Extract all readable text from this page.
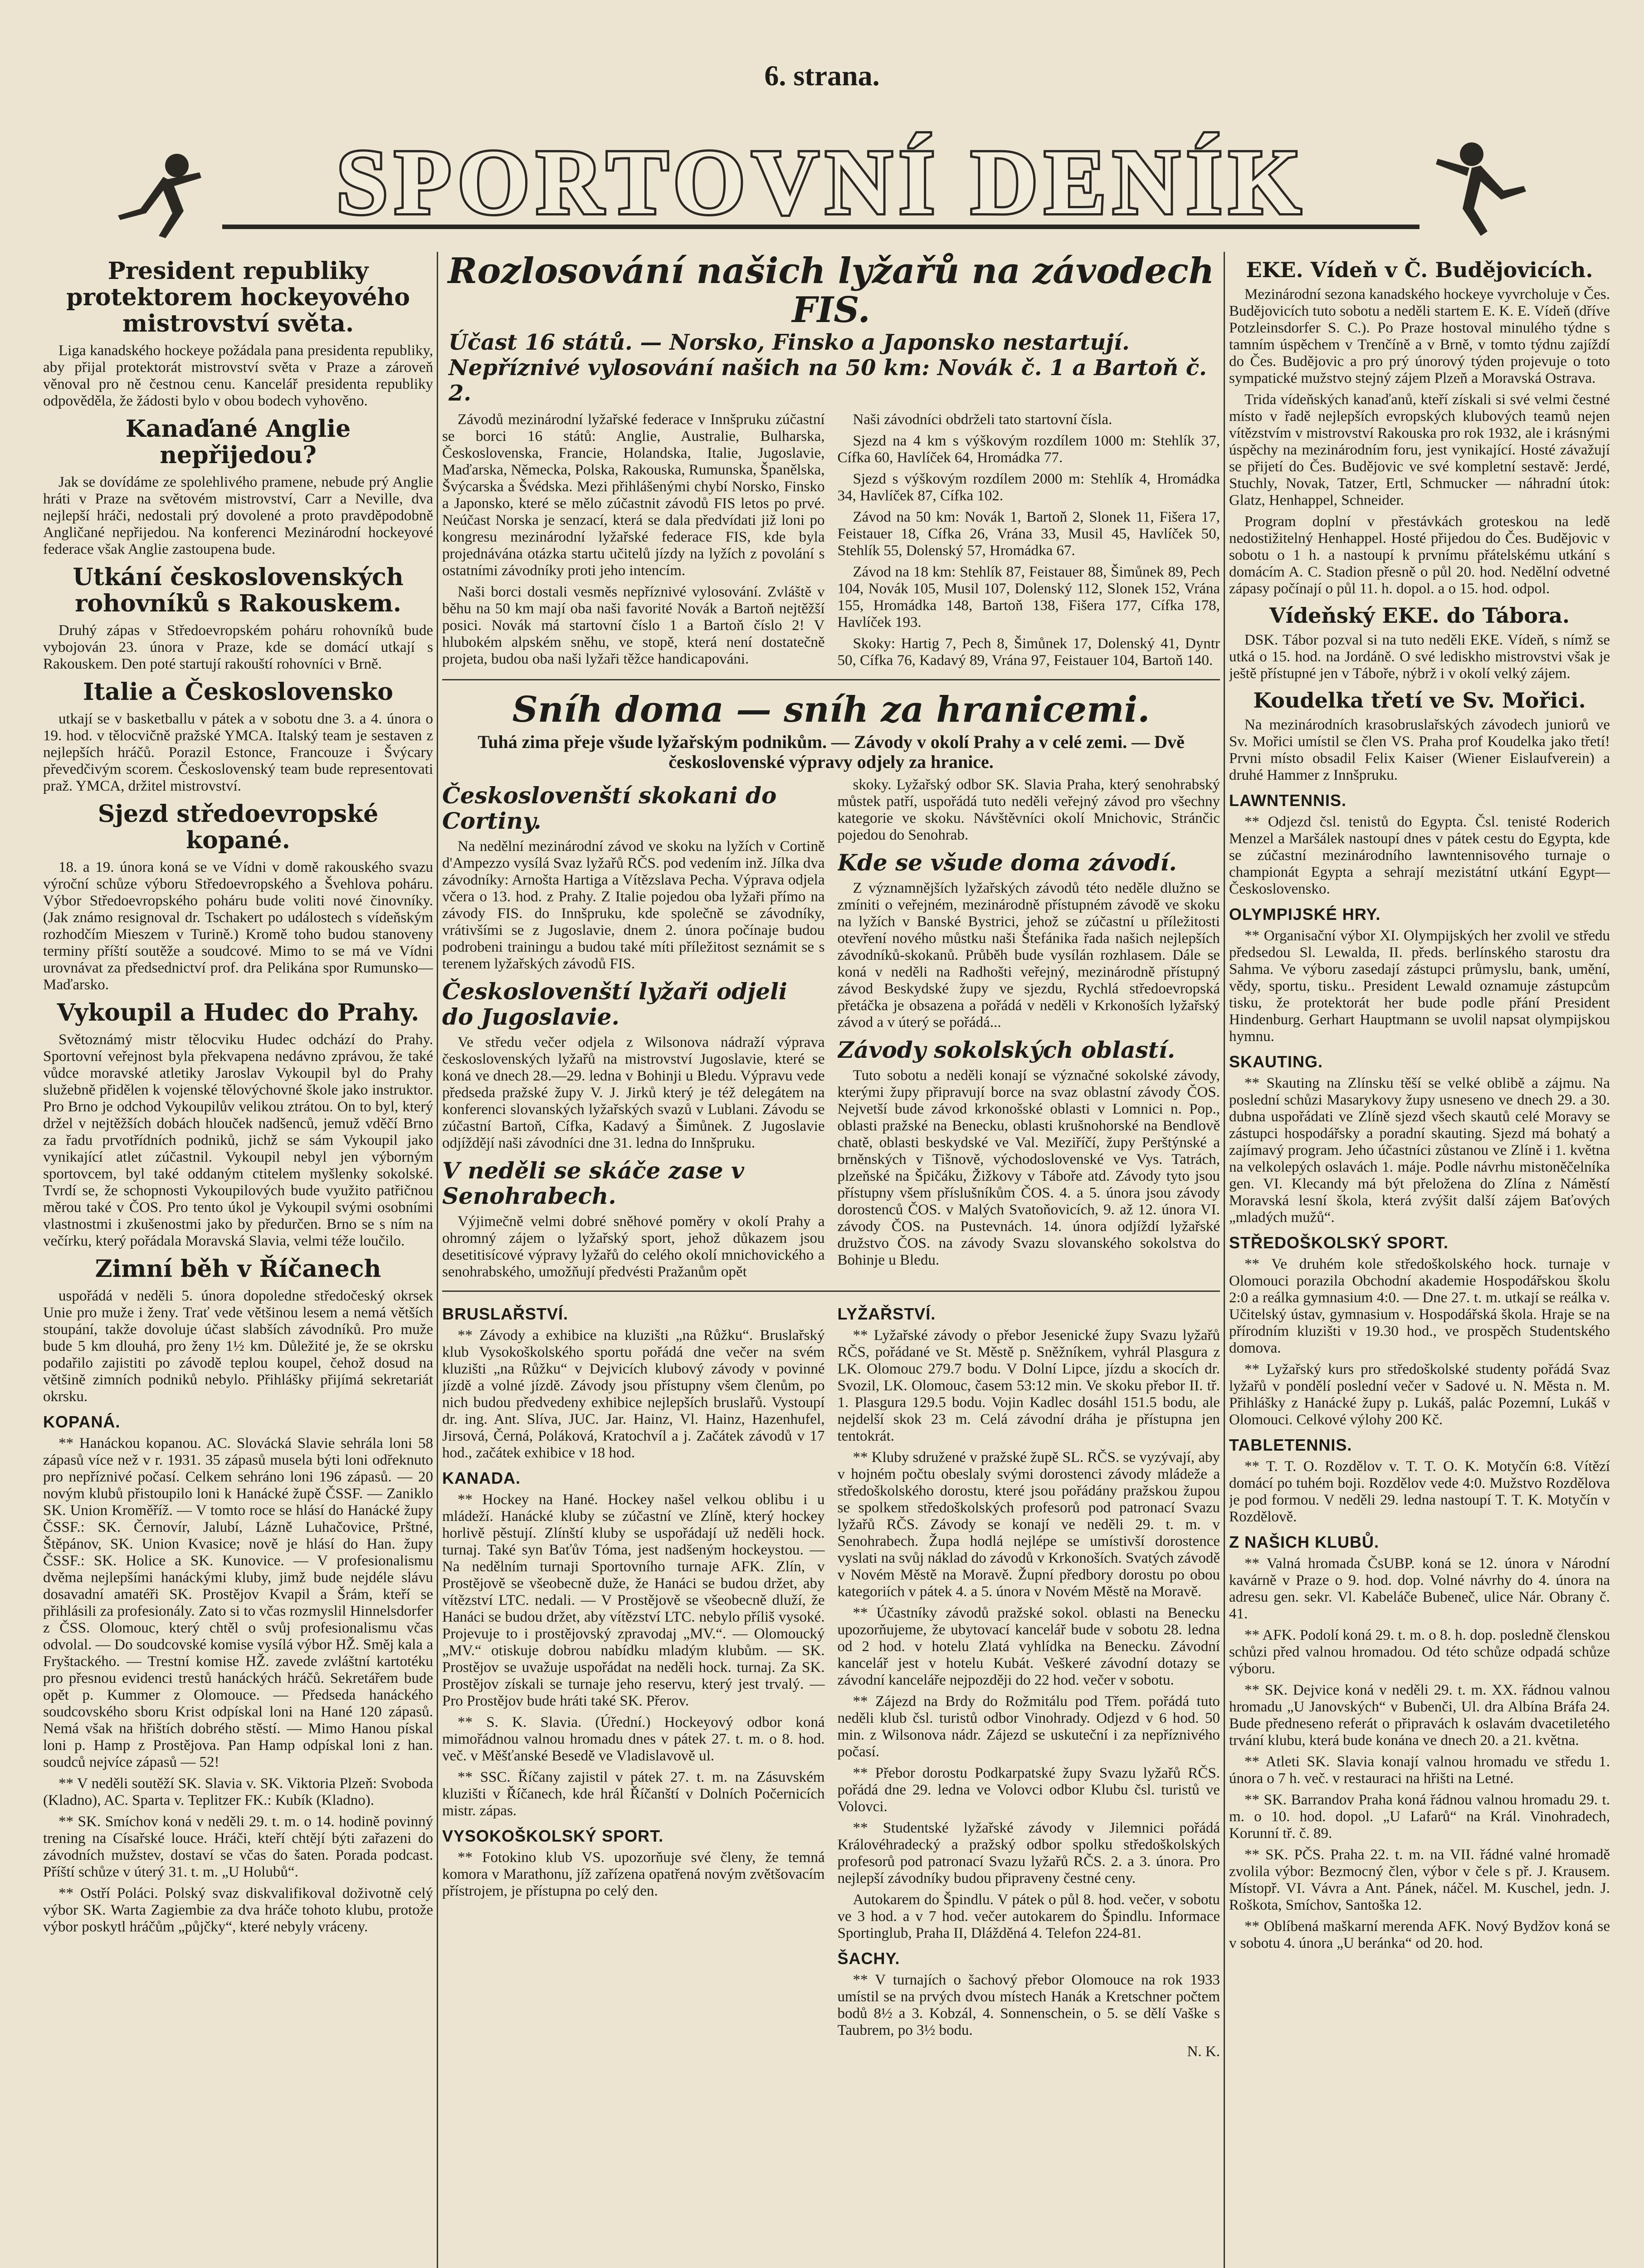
6. strana.
SPORTOVNÍ DENÍK
President republiky protektorem hockeyového mistrovství světa.

Liga kanadského hockeye požádala pana presidenta republiky, aby přijal protektorát mistrovství světa v Praze a zároveň věnoval pro ně čestnou cenu. Kancelář presidenta republiky odpověděla, že žádosti bylo v obou bodech vyhověno.

Kanaďané Anglie nepřijedou?

Jak se dovídáme ze spolehlivého pramene, nebude prý Anglie hráti v Praze na světovém mistrovství, Carr a Neville, dva nejlepší hráči, nedostali prý dovolené a proto pravděpodobně Angličané nepřijedou. Na konferenci Mezinárodní hockeyové federace však Anglie zastoupena bude.

Utkání československých rohovníků s Rakouskem.

Druhý zápas v Středoevropském poháru rohovníků bude vybojován 23. února v Praze, kde se domácí utkají s Rakouskem. Den poté startují rakouští rohovníci v Brně.

Italie a Československo

utkají se v basketballu v pátek a v sobotu dne 3. a 4. února o 19. hod. v tělocvičně pražské YMCA. Italský team je sestaven z nejlepších hráčů. Porazil Estonce, Francouze i Švýcary převedčivým scorem. Československý team bude representovati praž. YMCA, držitel mistrovství.

Sjezd středoevropské kopané.

18. a 19. února koná se ve Vídni v domě rakouského svazu výroční schůze výboru Středoevropského a Švehlova poháru. Výbor Středoevropského poháru bude voliti nové činovníky. (Jak známo resignoval dr. Tschakert po událostech s vídeňským rozhodčím Mieszem v Turině.) Kromě toho budou stanoveny terminy příští soutěže a soudcové. Mimo to se má ve Vídni urovnávat za předsednictví prof. dra Pelikána spor Rumunsko—Maďarsko.

Vykoupil a Hudec do Prahy.

Světoznámý mistr tělocviku Hudec odchází do Prahy. Sportovní veřejnost byla překvapena nedávno zprávou, že také vůdce moravské atletiky Jaroslav Vykoupil byl do Prahy služebně přidělen k vojenské tělovýchovné škole jako instruktor. Pro Brno je odchod Vykoupilův velikou ztrátou. On to byl, který držel v nejtěžších dobách hlouček nadšenců, jemuž vděčí Brno za řadu prvotřídních podniků, jichž se sám Vykoupil jako vynikající atlet zúčastnil. Vykoupil nebyl jen výborným sportovcem, byl také oddaným ctitelem myšlenky sokolské. Tvrdí se, že schopnosti Vykoupilových bude využito patřičnou měrou také v ČOS. Pro tento úkol je Vykoupil svými osobními vlastnostmi i zkušenostmi jako by předurčen. Brno se s ním na večírku, který pořádala Moravská Slavia, velmi téže loučilo.

Zimní běh v Říčanech

uspořádá v neděli 5. února dopoledne středočeský okrsek Unie pro muže i ženy. Trať vede většinou lesem a nemá větších stoupání, takže dovoluje účast slabších závodníků. Pro muže bude 5 km dlouhá, pro ženy 1½ km. Důležité je, že se okrsku podařilo zajistiti po závodě teplou koupel, čehož dosud na většině zimních podniků nebylo. Přihlášky přijímá sekretariát okrsku.

KOPANÁ.

** Hanáckou kopanou. AC. Slovácká Slavie sehrála loni 58 zápasů více než v r. 1931. 35 zápasů musela býti loni odřeknuto pro nepříznivé počasí. Celkem sehráno loni 196 zápasů. — 20 novým klubů přistoupilo loni k Hanácké župě ČSSF. — Zaniklo SK. Union Kroměříž. — V tomto roce se hlásí do Hanácké župy ČSSF.: SK. Černovír, Jalubí, Lázně Luhačovice, Prštné, Štěpánov, SK. Union Kvasice; nově je hlásí do Han. župy ČSSF.: SK. Holice a SK. Kunovice. — V profesionalismu dvěma nejlepšími hanáckými kluby, jimž bude nejdéle slávu dosavadní amatéři SK. Prostějov Kvapil a Šrám, kteří se přihlásili za profesionály. Zato si to včas rozmyslil Hinnelsdorfer z ČSS. Olomouc, který chtěl o svůj profesionalismu včas odvolal. — Do soudcovské komise vysílá výbor HŽ. Směj kala a Fryštackého. — Trestní komise HŽ. zavede zvláštní kartotéku pro přesnou evidenci trestů hanáckých hráčů. Sekretářem bude opět p. Kummer z Olomouce. — Předseda hanáckého soudcovského sboru Krist odpískal loni na Hané 120 zápasů. Nemá však na hřištích dobrého stěstí. — Mimo Hanou pískal loni p. Hamp z Prostějova. Pan Hamp odpískal loni z han. soudců nejvíce zápasů — 52!

** V neděli soutěží SK. Slavia v. SK. Viktoria Plzeň: Svoboda (Kladno), AC. Sparta v. Teplitzer FK.: Kubík (Kladno).

** SK. Smíchov koná v neděli 29. t. m. o 14. hodině povinný trening na Císařské louce. Hráči, kteří chtějí býti zařazeni do závodních mužstev, dostaví se včas do šaten. Porada podcast. Příští schůze v úterý 31. t. m. „U Holubů“.

** Ostří Poláci. Polský svaz diskvalifikoval doživotně celý výbor SK. Warta Zagiembie za dva hráče tohoto klubu, protože výbor poskytl hráčům „půjčky“, které nebyly vráceny.

Rozlosování našich lyžařů na závodech FIS.
Účast 16 států. — Norsko, Finsko a Japonsko nestartují.
Nepříznivé vylosování našich na 50 km: Novák č. 1 a Bartoň č. 2.

Závodů mezinárodní lyžařské federace v Innšpruku zúčastní se borci 16 států: Anglie, Australie, Bulharska, Československa, Francie, Holandska, Italie, Jugoslavie, Maďarska, Německa, Polska, Rakouska, Rumunska, Španělska, Švýcarska a Švédska. Mezi přihlášenými chybí Norsko, Finsko a Japonsko, které se mělo zúčastnit závodů FIS letos po prvé. Neúčast Norska je senzací, která se dala předvídati již loni po kongresu mezinárodní lyžařské federace FIS, kde byla projednávána otázka startu učitelů jízdy na lyžích z povolání s ostatními závodníky proti jeho intencím.

Naši borci dostali vesměs nepříznivé vylosování. Zvláště v běhu na 50 km mají oba naši favorité Novák a Bartoň nejtěžší posici. Novák má startovní číslo 1 a Bartoň číslo 2! V hlubokém alpském sněhu, ve stopě, která není dostatečně projeta, budou oba naši lyžaři těžce handicapováni.

Naši závodníci obdrželi tato startovní čísla.

Sjezd na 4 km s výškovým rozdílem 1000 m: Stehlík 37, Cífka 60, Havlíček 64, Hromádka 77.

Sjezd s výškovým rozdílem 2000 m: Stehlík 4, Hromádka 34, Havlíček 87, Cífka 102.

Závod na 50 km: Novák 1, Bartoň 2, Slonek 11, Fišera 17, Feistauer 18, Cífka 26, Vrána 33, Musil 45, Havlíček 50, Stehlík 55, Dolenský 57, Hromádka 67.

Závod na 18 km: Stehlík 87, Feistauer 88, Šimůnek 89, Pech 104, Novák 105, Musil 107, Dolenský 112, Slonek 152, Vrána 155, Hromádka 148, Bartoň 138, Fišera 177, Cífka 178, Havlíček 193.

Skoky: Hartig 7, Pech 8, Šimůnek 17, Dolenský 41, Dyntr 50, Cífka 76, Kadavý 89, Vrána 97, Feistauer 104, Bartoň 140.

Sníh doma — sníh za hranicemi.
Tuhá zima přeje všude lyžařským podnikům. — Závody v okolí Prahy a v celé zemi. — Dvě československé výpravy odjely za hranice.
Českoslovenští skokani do Cortiny.

Na nedělní mezinárodní závod ve skoku na lyžích v Cortině d'Ampezzo vysílá Svaz lyžařů RČS. pod vedením inž. Jílka dva závodníky: Arnošta Hartiga a Vítězslava Pecha. Výprava odjela včera o 13. hod. z Prahy. Z Italie pojedou oba lyžaři přímo na závody FIS. do Innšpruku, kde společně se závodníky, vrátivšími se z Jugoslavie, dnem 2. února počínaje budou podrobeni trainingu a budou také míti příležitost seznámit se s terenem lyžařských závodů FIS.

Českoslovenští lyžaři odjeli do Jugoslavie.

Ve středu večer odjela z Wilsonova nádraží výprava československých lyžařů na mistrovství Jugoslavie, které se koná ve dnech 28.—29. ledna v Bohinji u Bledu. Výpravu vede předseda pražské župy V. J. Jirků který je též delegátem na konferenci slovanských lyžařských svazů v Lublani. Závodu se zúčastní Bartoň, Cífka, Kadavý a Šimůnek. Z Jugoslavie odjíždějí naši závodníci dne 31. ledna do Innšpruku.

V neděli se skáče zase v Senohrabech.

Výjimečně velmi dobré sněhové poměry v okolí Prahy a ohromný zájem o lyžařský sport, jehož důkazem jsou desetitisícové výpravy lyžařů do celého okolí mnichovického a senohrabského, umožňují předvésti Pražanům opět

skoky. Lyžařský odbor SK. Slavia Praha, který senohrabský můstek patří, uspořádá tuto neděli veřejný závod pro všechny kategorie ve skoku. Návštěvníci okolí Mnichovic, Stránčic pojedou do Senohrab.

Kde se všude doma závodí.

Z významnějších lyžařských závodů této neděle dlužno se zmíniti o veřejném, mezinárodně přístupném závodě ve skoku na lyžích v Banské Bystrici, jehož se zúčastní u příležitosti otevření nového můstku naši Štefánika řada našich nejlepších závodníků-skokanů. Průběh bude vysílán rozhlasem. Dále se koná v neděli na Radhošti veřejný, mezinárodně přístupný závod Beskydské župy ve sjezdu, Rychlá středoevropská přetáčka je obsazena a pořádá v neděli v Krkonoších lyžařský závod a v úterý se pořádá...

Závody sokolských oblastí.

Tuto sobotu a neděli konají se význačné sokolské závody, kterými župy připravují borce na svaz oblastní závody ČOS. Nejvetší bude závod krkonošské oblasti v Lomnici n. Pop., oblasti pražské na Benecku, oblasti krušnohorské na Bendlově chatě, oblasti beskydské ve Val. Meziříčí, župy Perštýnské a brněnských v Tišnově, východoslovenské ve Vys. Tatrách, plzeňské na Špičáku, Žižkovy v Táboře atd. Závody tyto jsou přístupny všem příslušníkům ČOS. 4. a 5. února jsou závody dorostenců ČOS. v Malých Svatoňovicích, 9. až 12. února VI. závody ČOS. na Pustevnách. 14. února odjíždí lyžařské družstvo ČOS. na závody Svazu slovanského sokolstva do Bohinje u Bledu.

BRUSLAŘSTVÍ.

** Závody a exhibice na kluzišti „na Růžku“. Bruslařský klub Vysokoškolského sportu pořádá dne večer na svém kluzišti „na Růžku“ v Dejvicích klubový závody v povinné jízdě a volné jízdě. Závody jsou přístupny všem členům, po nich budou předvedeny exhibice nejlepších bruslařů. Vystoupí dr. ing. Ant. Slíva, JUC. Jar. Hainz, Vl. Hainz, Hazenhufel, Jirsová, Černá, Poláková, Kratochvíl a j. Začátek závodů v 17 hod., začátek exhibice v 18 hod.

KANADA.

** Hockey na Hané. Hockey našel velkou oblibu i u mládeží. Hanácké kluby se zúčastní ve Zlíně, který hockey horlivě pěstují. Zlínští kluby se uspořádají už neděli hock. turnaj. Také syn Baťův Tóma, jest nadšeným hockeystou. — Na nedělním turnaji Sportovního turnaje AFK. Zlín, v Prostějově se všeobecně duže, že Hanáci se budou držet, aby vítězství LTC. nedali. — V Prostějově se všeobecně dluží, že Hanáci se budou držet, aby vítězství LTC. nebylo příliš vysoké. Projevuje to i prostějovský zpravodaj „MV.“. — Olomoucký „MV.“ otiskuje dobrou nabídku mladým klubům. — SK. Prostějov se uvažuje uspořádat na neděli hock. turnaj. Za SK. Prostějov získali se turnaje jeho reservu, který jest trvalý. — Pro Prostějov bude hráti také SK. Přerov.

** S. K. Slavia. (Úřední.) Hockeyový odbor koná mimořádnou valnou hromadu dnes v pátek 27. t. m. o 8. hod. več. v Měšťanské Besedě ve Vladislavově ul.

** SSC. Říčany zajistil v pátek 27. t. m. na Zásuvském kluzišti v Říčanech, kde hrál Říčanští v Dolních Počernicích mistr. zápas.

VYSOKOŠKOLSKÝ SPORT.

** Fotokino klub VS. upozorňuje své členy, že temná komora v Marathonu, jíž zařízena opatřená novým zvětšovacím přístrojem, je přístupna po celý den.

LYŽAŘSTVÍ.

** Lyžařské závody o přebor Jesenické župy Svazu lyžařů RČS, pořádané ve St. Městě p. Sněžníkem, vyhrál Plasgura z LK. Olomouc 279.7 bodu. V Dolní Lipce, jízdu a skocích dr. Svozil, LK. Olomouc, časem 53:12 min. Ve skoku přebor II. tř. 1. Plasgura 129.5 bodu. Vojin Kadlec dosáhl 151.5 bodu, ale nejdelší skok 23 m. Celá závodní dráha je přístupna jen tentokrát.

** Kluby sdružené v pražské župě SL. RČS. se vyzývají, aby v hojném počtu obeslaly svými dorostenci závody mládeže a středoškolského dorostu, které jsou pořádány pražskou župou se spolkem středoškolských profesorů pod patronací Svazu lyžařů RČS. Závody se konají ve neděli 29. t. m. v Senohrabech. Župa hodlá nejlépe se umístivší dorostence vyslati na svůj náklad do závodů v Krkonoších. Svatých závodě v Novém Městě na Moravě. Župní předbory dorostu po obou kategoriích v pátek 4. a 5. února v Novém Městě na Moravě.

** Účastníky závodů pražské sokol. oblasti na Benecku upozorňujeme, že ubytovací kancelář bude v sobotu 28. ledna od 2 hod. v hotelu Zlatá vyhlídka na Benecku. Závodní kancelář jest v hotelu Kubát. Veškeré závodní dotazy se závodní kanceláře nejpozději do 22 hod. večer v sobotu.

** Zájezd na Brdy do Rožmitálu pod Třem. pořádá tuto neděli klub čsl. turistů odbor Vinohrady. Odjezd v 6 hod. 50 min. z Wilsonova nádr. Zájezd se uskuteční i za nepříznivého počasí.

** Přebor dorostu Podkarpatské župy Svazu lyžařů RČS. pořádá dne 29. ledna ve Volovci odbor Klubu čsl. turistů ve Volovci.

** Studentské lyžařské závody v Jilemnici pořádá Královéhradecký a pražský odbor spolku středoškolských profesorů pod patronací Svazu lyžařů RČS. 2. a 3. února. Pro nejlepší závodníky budou připraveny čestné ceny.

Autokarem do Špindlu. V pátek o půl 8. hod. večer, v sobotu ve 3 hod. a v 7 hod. večer autokarem do Špindlu. Informace Sportinglub, Praha II, Dlážděná 4. Telefon 224-81.

ŠACHY.

** V turnajích o šachový přebor Olomouce na rok 1933 umístil se na prvých dvou místech Hanák a Kretschner počtem bodů 8½ a 3. Kobzál, 4. Sonnenschein, o 5. se dělí Vaške s Taubrem, po 3½ bodu.

N. K.
EKE. Vídeň v Č. Budějovicích.

Mezinárodní sezona kanadského hockeye vyvrcholuje v Čes. Budějovicích tuto sobotu a neděli startem E. K. E. Vídeň (dříve Potzleinsdorfer S. C.). Po Praze hostoval minulého týdne s tamním úspěchem v Trenčíně a v Brně, v tomto týdnu zajíždí do Čes. Budějovic a pro prý únorový týden projevuje o toto sympatické mužstvo stejný zájem Plzeň a Moravská Ostrava.

Trida vídeňských kanaďanů, kteří získali si své velmi čestné místo v řadě nejlepších evropských klubových teamů nejen vítězstvím v mistrovství Rakouska pro rok 1932, ale i krásnými úspěchy na mezinárodním foru, jest vynikající. Hosté závažují se přijetí do Čes. Budějovic ve své kompletní sestavě: Jerdé, Stuchly, Novak, Tatzer, Ertl, Schmucker — náhradní útok: Glatz, Henhappel, Schneider.

Program doplní v přestávkách groteskou na ledě nedostižitelný Henhappel. Hosté přijedou do Čes. Budějovic v sobotu o 1 h. a nastoupí k prvnímu přátelskému utkání s domácím A. C. Stadion přesně o půl 20. hod. Nedělní odvetné zápasy počínají o půl 11. h. dopol. a o 15. hod. odpol.

Vídeňský EKE. do Tábora.

DSK. Tábor pozval si na tuto neděli EKE. Vídeň, s nímž se utká o 15. hod. na Jordáně. O své lediskho mistrovstvi však je ještě přístupné jen v Táboře, nýbrž i v okolí velký zájem.

Koudelka třetí ve Sv. Mořici.

Na mezinárodních krasobruslařských závodech juniorů ve Sv. Mořici umístil se člen VS. Praha prof Koudelka jako třetí! Prvni místo obsadil Felix Kaiser (Wiener Eislaufverein) a druhé Hammer z Innšpruku.

LAWNTENNIS.

** Odjezd čsl. tenistů do Egypta. Čsl. tenisté Roderich Menzel a Maršálek nastoupí dnes v pátek cestu do Egypta, kde se zúčastní mezinárodního lawntennisového turnaje o championát Egypta a sehrají mezistátní utkání Egypt—Československo.

OLYMPIJSKÉ HRY.

** Organisační výbor XI. Olympijských her zvolil ve středu předsedou Sl. Lewalda, II. předs. berlínského starostu dra Sahma. Ve výboru zasedají zástupci průmyslu, bank, umění, vědy, sportu, tisku.. President Lewald oznamuje zástupcům tisku, že protektorát her bude podle přání President Hindenburg. Gerhart Hauptmann se uvolil napsat olympijskou hymnu.

SKAUTING.

** Skauting na Zlínsku těší se velké oblibě a zájmu. Na poslední schůzi Masarykovy župy usneseno ve dnech 29. a 30. dubna uspořádati ve Zlíně sjezd všech skautů celé Moravy se zástupci hospodářsky a poradní skauting. Sjezd má bohatý a zajímavý program. Jeho účastníci zůstanou ve Zlíně i 1. května na velkolepých oslavách 1. máje. Podle návrhu mistoněčelníka gen. VI. Klecandy má být přeložena do Zlína z Náměstí Moravská lesní škola, která zvýšit další zájem Baťových „mladých mužů“.

STŘEDOŠKOLSKÝ SPORT.

** Ve druhém kole středoškolského hock. turnaje v Olomouci porazila Obchodní akademie Hospodářskou školu 2:0 a reálka gymnasium 4:0. — Dne 27. t. m. utkají se reálka v. Učitelský ústav, gymnasium v. Hospodářská škola. Hraje se na přírodním kluzišti v 19.30 hod., ve prospěch Studentského domova.

** Lyžařský kurs pro středoškolské studenty pořádá Svaz lyžařů v pondělí poslední večer v Sadové u. N. Města n. M. Přihlášky z Hanácké župy p. Lukáš, palác Pozemní, Lukáš v Olomouci. Celkové výlohy 200 Kč.

TABLETENNIS.

** T. T. O. Rozdělov v. T. T. O. K. Motyčín 6:8. Vítězí domácí po tuhém boji. Rozdělov vede 4:0. Mužstvo Rozdělova je pod formou. V neděli 29. ledna nastoupí T. T. K. Motyčín v Rozdělově.

Z NAŠICH KLUBŮ.

** Valná hromada ČsUBP. koná se 12. února v Národní kavárně v Praze o 9. hod. dop. Volné návrhy do 4. února na adresu gen. sekr. Vl. Kabeláče Bubeneč, ulice Nár. Obrany č. 41.

** AFK. Podolí koná 29. t. m. o 8. h. dop. posledně členskou schůzi před valnou hromadou. Od této schůze odpadá schůze výboru.

** SK. Dejvice koná v neděli 29. t. m. XX. řádnou valnou hromadu „U Janovských“ v Bubenči, Ul. dra Albína Bráfa 24. Bude předneseno referát o připravách k oslavám dvacetiletého trvání klubu, která bude konána ve dnech 20. a 21. května.

** Atleti SK. Slavia konají valnou hromadu ve středu 1. února o 7 h. več. v restauraci na hřišti na Letné.

** SK. Barrandov Praha koná řádnou valnou hromadu 29. t. m. o 10. hod. dopol. „U Lafarů“ na Král. Vinohradech, Korunní tř. č. 89.

** SK. PČS. Praha 22. t. m. na VII. řádné valné hromadě zvolila výbor: Bezmocný člen, výbor v čele s př. J. Krausem. Místopř. VI. Vávra a Ant. Pánek, náčel. M. Kuschel, jedn. J. Roškota, Smíchov, Santoška 12.

** Oblíbená maškarní merenda AFK. Nový Bydžov koná se v sobotu 4. února „U beránka“ od 20. hod.
